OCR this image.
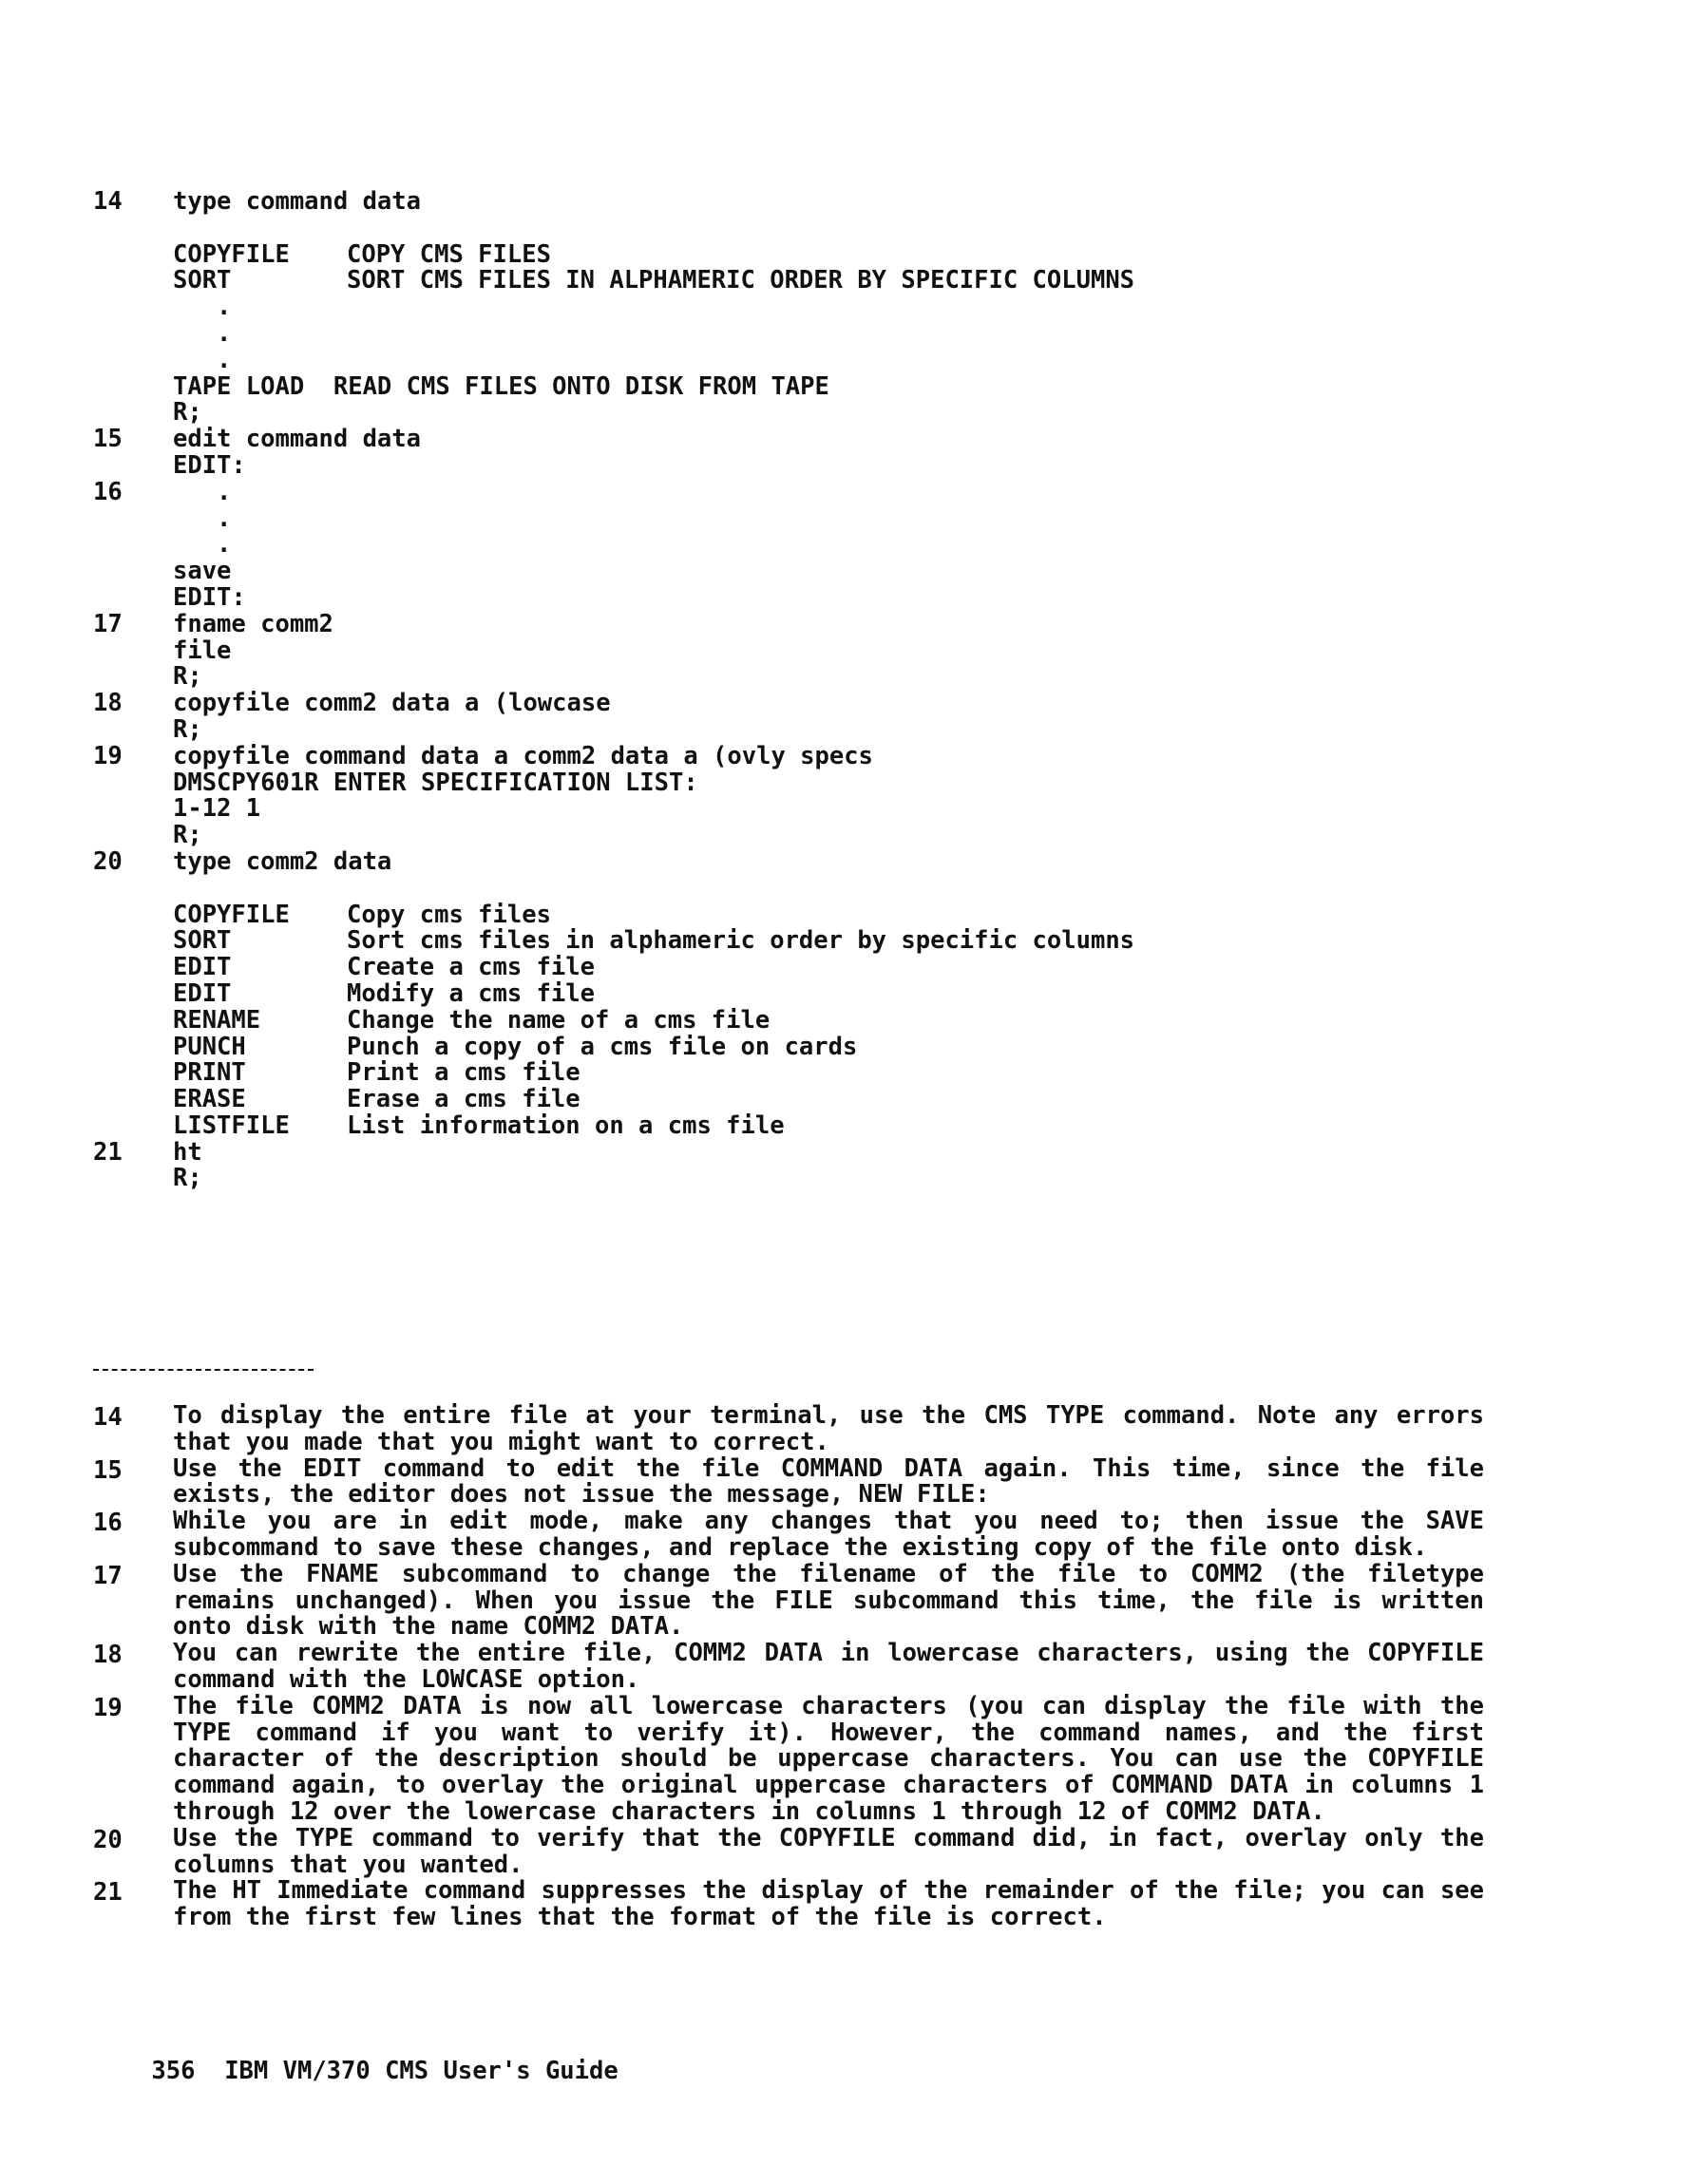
14 type command data
COPYFILE COPY CMS FILES
SORT	SORT CMS FILES IN ALPHAMERIC ORDER BY SPECIFIC COLUMNS
.
.
.
TAPE LOAD  READ CMS FILES ONTO DISK FROM TAPE
R;
15 edit command data
EDIT:
16 .
.
.
save
EDIT:
17 fname comm2
file
R;
18 copyfile comm2 data a (lowcase
R;
19 copyfile command data a comm2 data a (ovly specs
DMSCPY601R ENTER SPECIFICATION LIST:
1-12 1
R;
20 type comm2 data
COPYFILE Copy cms files
SORT	Sort cms files in alphameric order by specific columns
EDIT	Create a cms file
EDIT	Modify a cms file
RENAME	Change the name of a cms file
PUNCH	Punch a copy of a cms file on cards
PRINT	Print a cms file
ERASE	Erase a cms file
LISTFILE List information on a cms file
21 ht
R;
14 To display the entire file at your terminal, use the CMS TYPE command. Note any errors that you made that you might want to correct.
15 Use the EDIT command to edit the file COMMAND DATA again. This time, since the file exists, the editor does not issue the message, NEW FILE:
16 While you are in edit mode, make any changes that you need to; then issue the SAVE subcommand to save these changes, and replace the existing copy of the file onto disk.
17 Use the FNAME subcommand to change the filename of the file to COMM2 (the filetype remains unchanged). When you issue the FILE subcommand this time, the file is written onto disk with the name COMM2 DATA.
18 You can rewrite the entire file, COMM2 DATA in lowercase characters, using the COPYFILE command with the LOWCASE option.
19 The file COMM2 DATA is now all lowercase characters (you can display the file with the TYPE command if you want to verify it). However, the command names, and the first character of the description should be uppercase characters. You can use the COPYFILE command again, to overlay the original uppercase characters of COMMAND DATA in columns 1 through 12 over the lowercase characters in columns 1 through 12 of COMM2 DATA.
20 Use the TYPE command to verify that the COPYFILE command did, in fact, overlay only the columns that you wanted.
21 The HT Immediate command suppresses the display of the remainder of the file; you can see from the first few lines that the format of the file is correct.

356 IBM VM/370 CMS User's Guide
